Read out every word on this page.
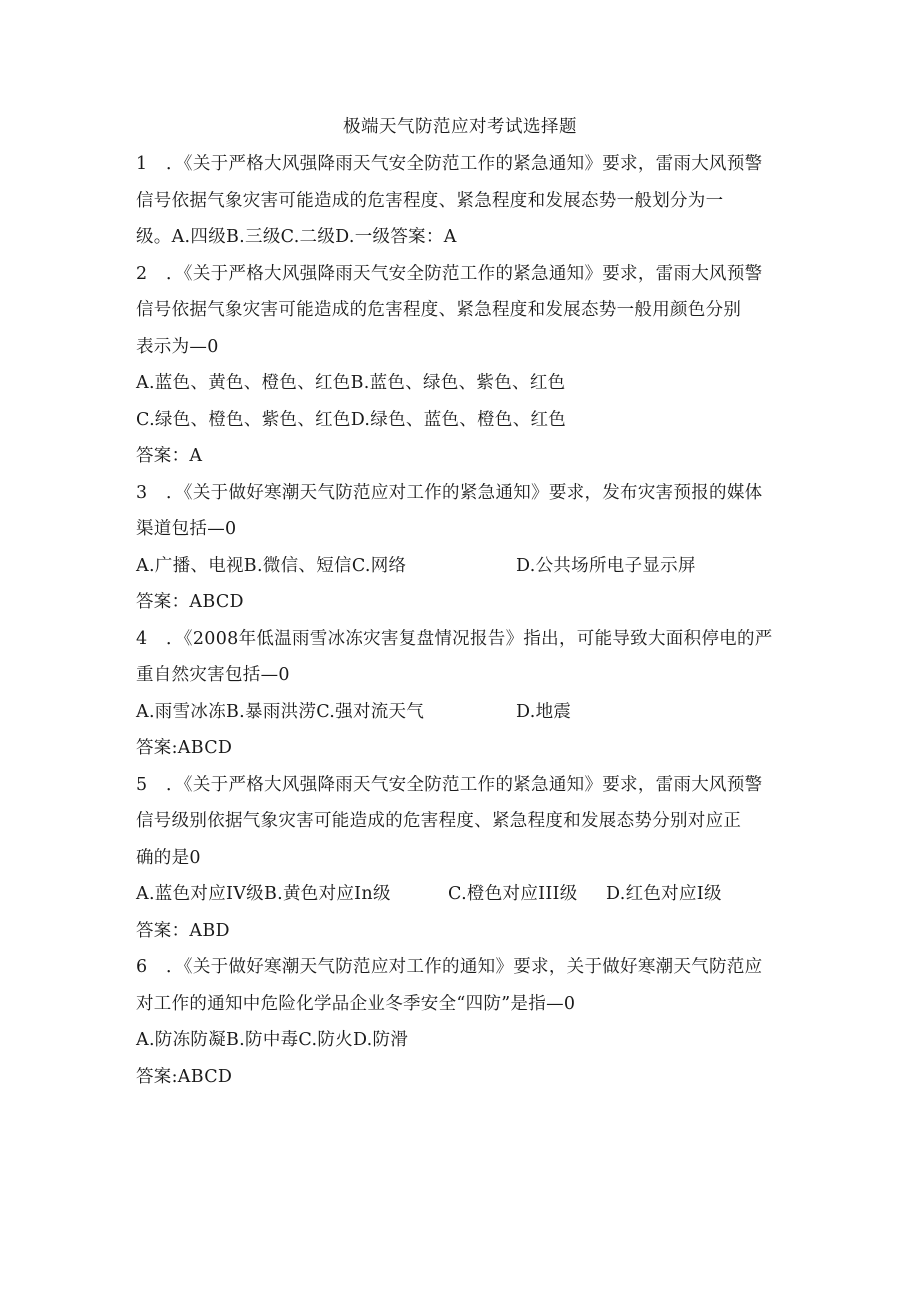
极端天气防范应对考试选择题
1 ．《关于严格大风强降雨天气安全防范工作的紧急通知》要求，雷雨大风预警
信号依据气象灾害可能造成的危害程度、紧急程度和发展态势一般划分为一
级。A.四级B.三级C.二级D.一级答案：A
2 ．《关于严格大风强降雨天气安全防范工作的紧急通知》要求，雷雨大风预警
信号依据气象灾害可能造成的危害程度、紧急程度和发展态势一般用颜色分别
表示为—0
A.蓝色、黄色、橙色、红色B.蓝色、绿色、紫色、红色
C.绿色、橙色、紫色、红色D.绿色、蓝色、橙色、红色
答案：A
3 ．《关于做好寒潮天气防范应对工作的紧急通知》要求，发布灾害预报的媒体
渠道包括—0
A.广播、电视B.微信、短信C.网络	D.公共场所电子显示屏
答案：ABCD
4 ．《2008年低温雨雪冰冻灾害复盘情况报告》指出，可能导致大面积停电的严
重自然灾害包括—0
A.雨雪冰冻B.暴雨洪涝C.强对流天气	D.地震
答案:ABCD
5 ．《关于严格大风强降雨天气安全防范工作的紧急通知》要求，雷雨大风预警
信号级别依据气象灾害可能造成的危害程度、紧急程度和发展态势分别对应正
确的是0
A.蓝色对应IV级B.黄色对应In级	C.橙色对应III级 D.红色对应I级
答案：ABD
6 ．《关于做好寒潮天气防范应对工作的通知》要求，关于做好寒潮天气防范应
对工作的通知中危险化学品企业冬季安全“四防”是指—0
A.防冻防凝B.防中毒C.防火D.防滑
答案:ABCD
